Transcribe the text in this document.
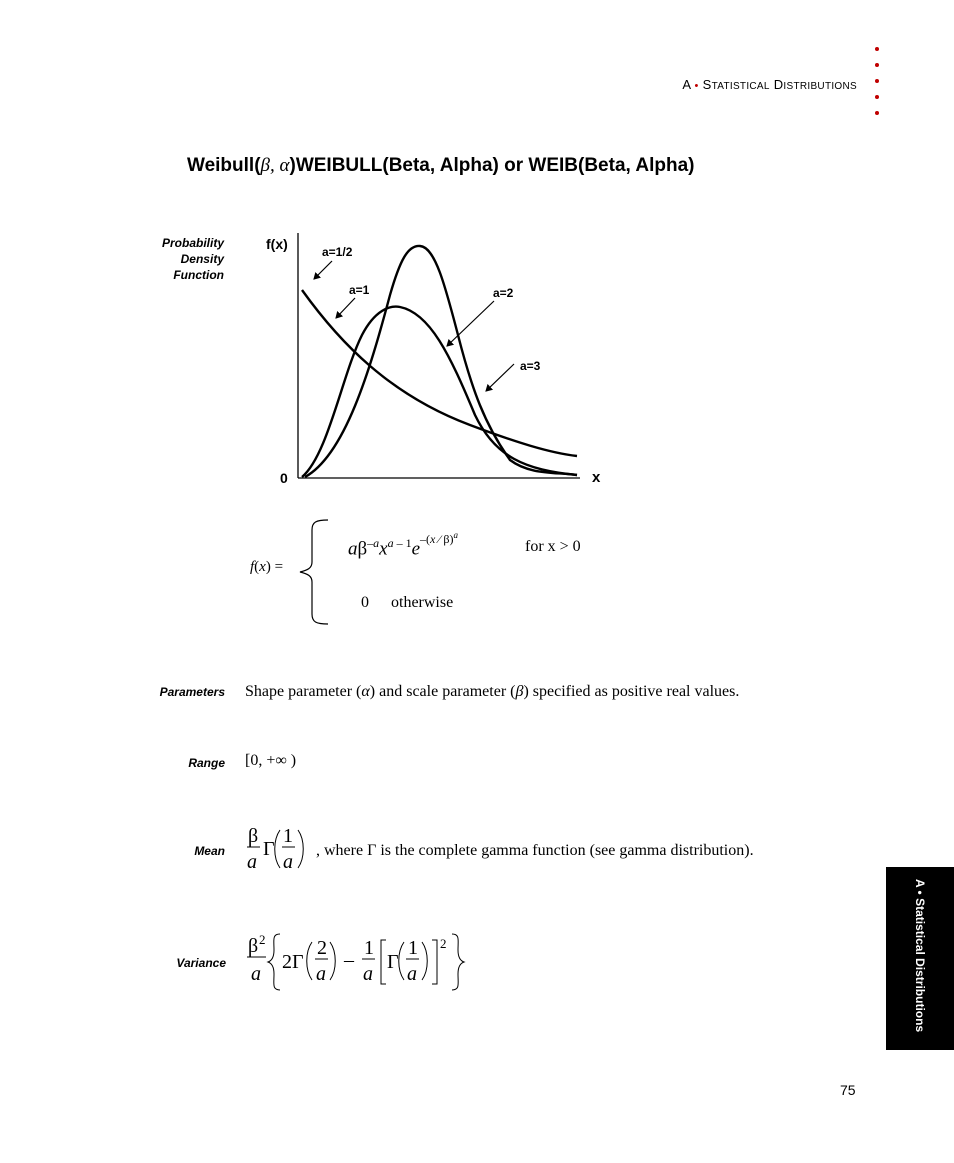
A • STATISTICAL DISTRIBUTIONS
Weibull(β, α)WEIBULL(Beta, Alpha) or WEIB(Beta, Alpha)
Probability
Density
Function
f(x)
x
0
a=1/2
a=1	a=2
a=3
f(x) =
$a\beta^{-a}x^{a - 1}e^{-(x ⁄ \beta)^a}$
for x > 0
0 otherwise
Parameters Shape parameter (α) and scale parameter (β) specified as positive real values.
Range [0, +∞ )
Mean
β
a
Γ
1
a
, where Γ is the complete gamma function (see gamma distribution).
Variance
β 2
a
2Γ
2
a
–
1
a
Γ
1
a
2	A • Statistical Distributions
75
